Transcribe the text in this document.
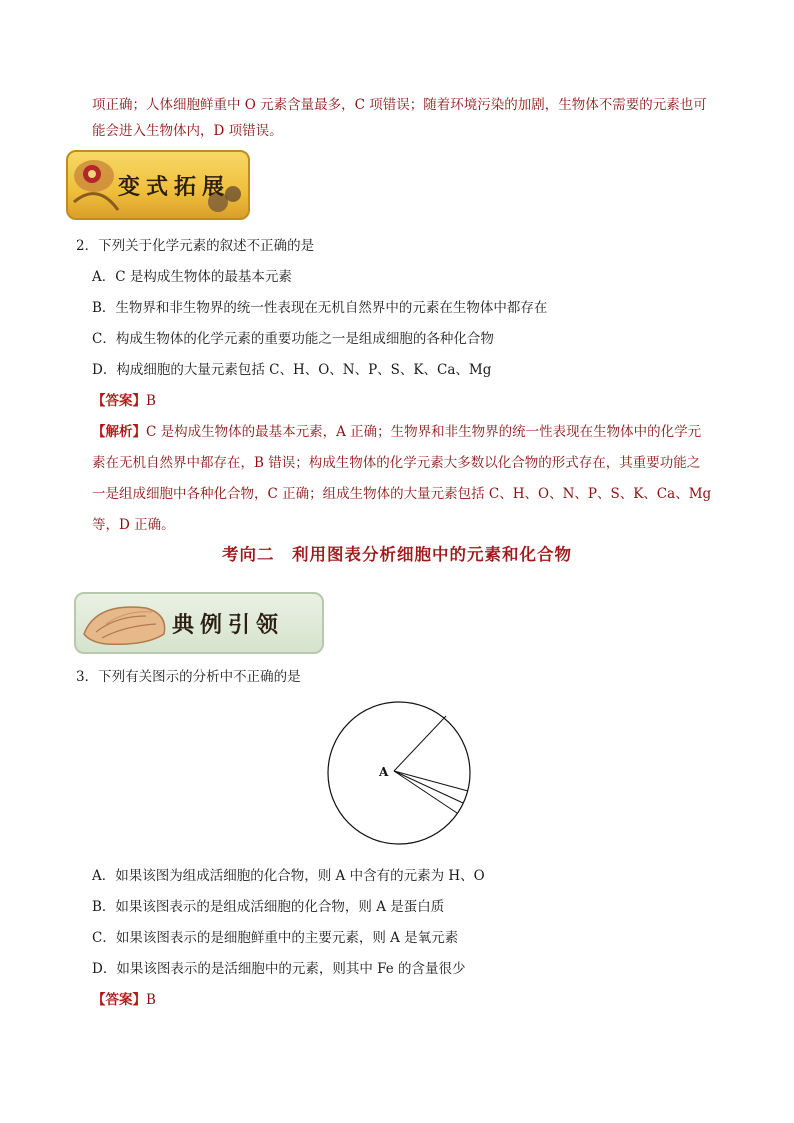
项正确；人体细胞鲜重中 O 元素含量最多，C 项错误；随着环境污染的加剧，生物体不需要的元素也可
能会进入生物体内，D 项错误。
变式拓展
2．下列关于化学元素的叙述不正确的是
A．C 是构成生物体的最基本元素
B．生物界和非生物界的统一性表现在无机自然界中的元素在生物体中都存在
C．构成生物体的化学元素的重要功能之一是组成细胞的各种化合物
D．构成细胞的大量元素包括 C、H、O、N、P、S、K、Ca、Mg
【答案】B
【解析】C 是构成生物体的最基本元素，A 正确；生物界和非生物界的统一性表现在生物体中的化学元
素在无机自然界中都存在，B 错误；构成生物体的化学元素大多数以化合物的形式存在，其重要功能之
一是组成细胞中各种化合物，C 正确；组成生物体的大量元素包括 C、H、O、N、P、S、K、Ca、Mg
等，D 正确。
考向二　利用图表分析细胞中的元素和化合物
典例引领
3．下列有关图示的分析中不正确的是
A
A．如果该图为组成活细胞的化合物，则 A 中含有的元素为 H、O
B．如果该图表示的是组成活细胞的化合物，则 A 是蛋白质
C．如果该图表示的是细胞鲜重中的主要元素，则 A 是氧元素
D．如果该图表示的是活细胞中的元素，则其中 Fe 的含量很少
【答案】B
